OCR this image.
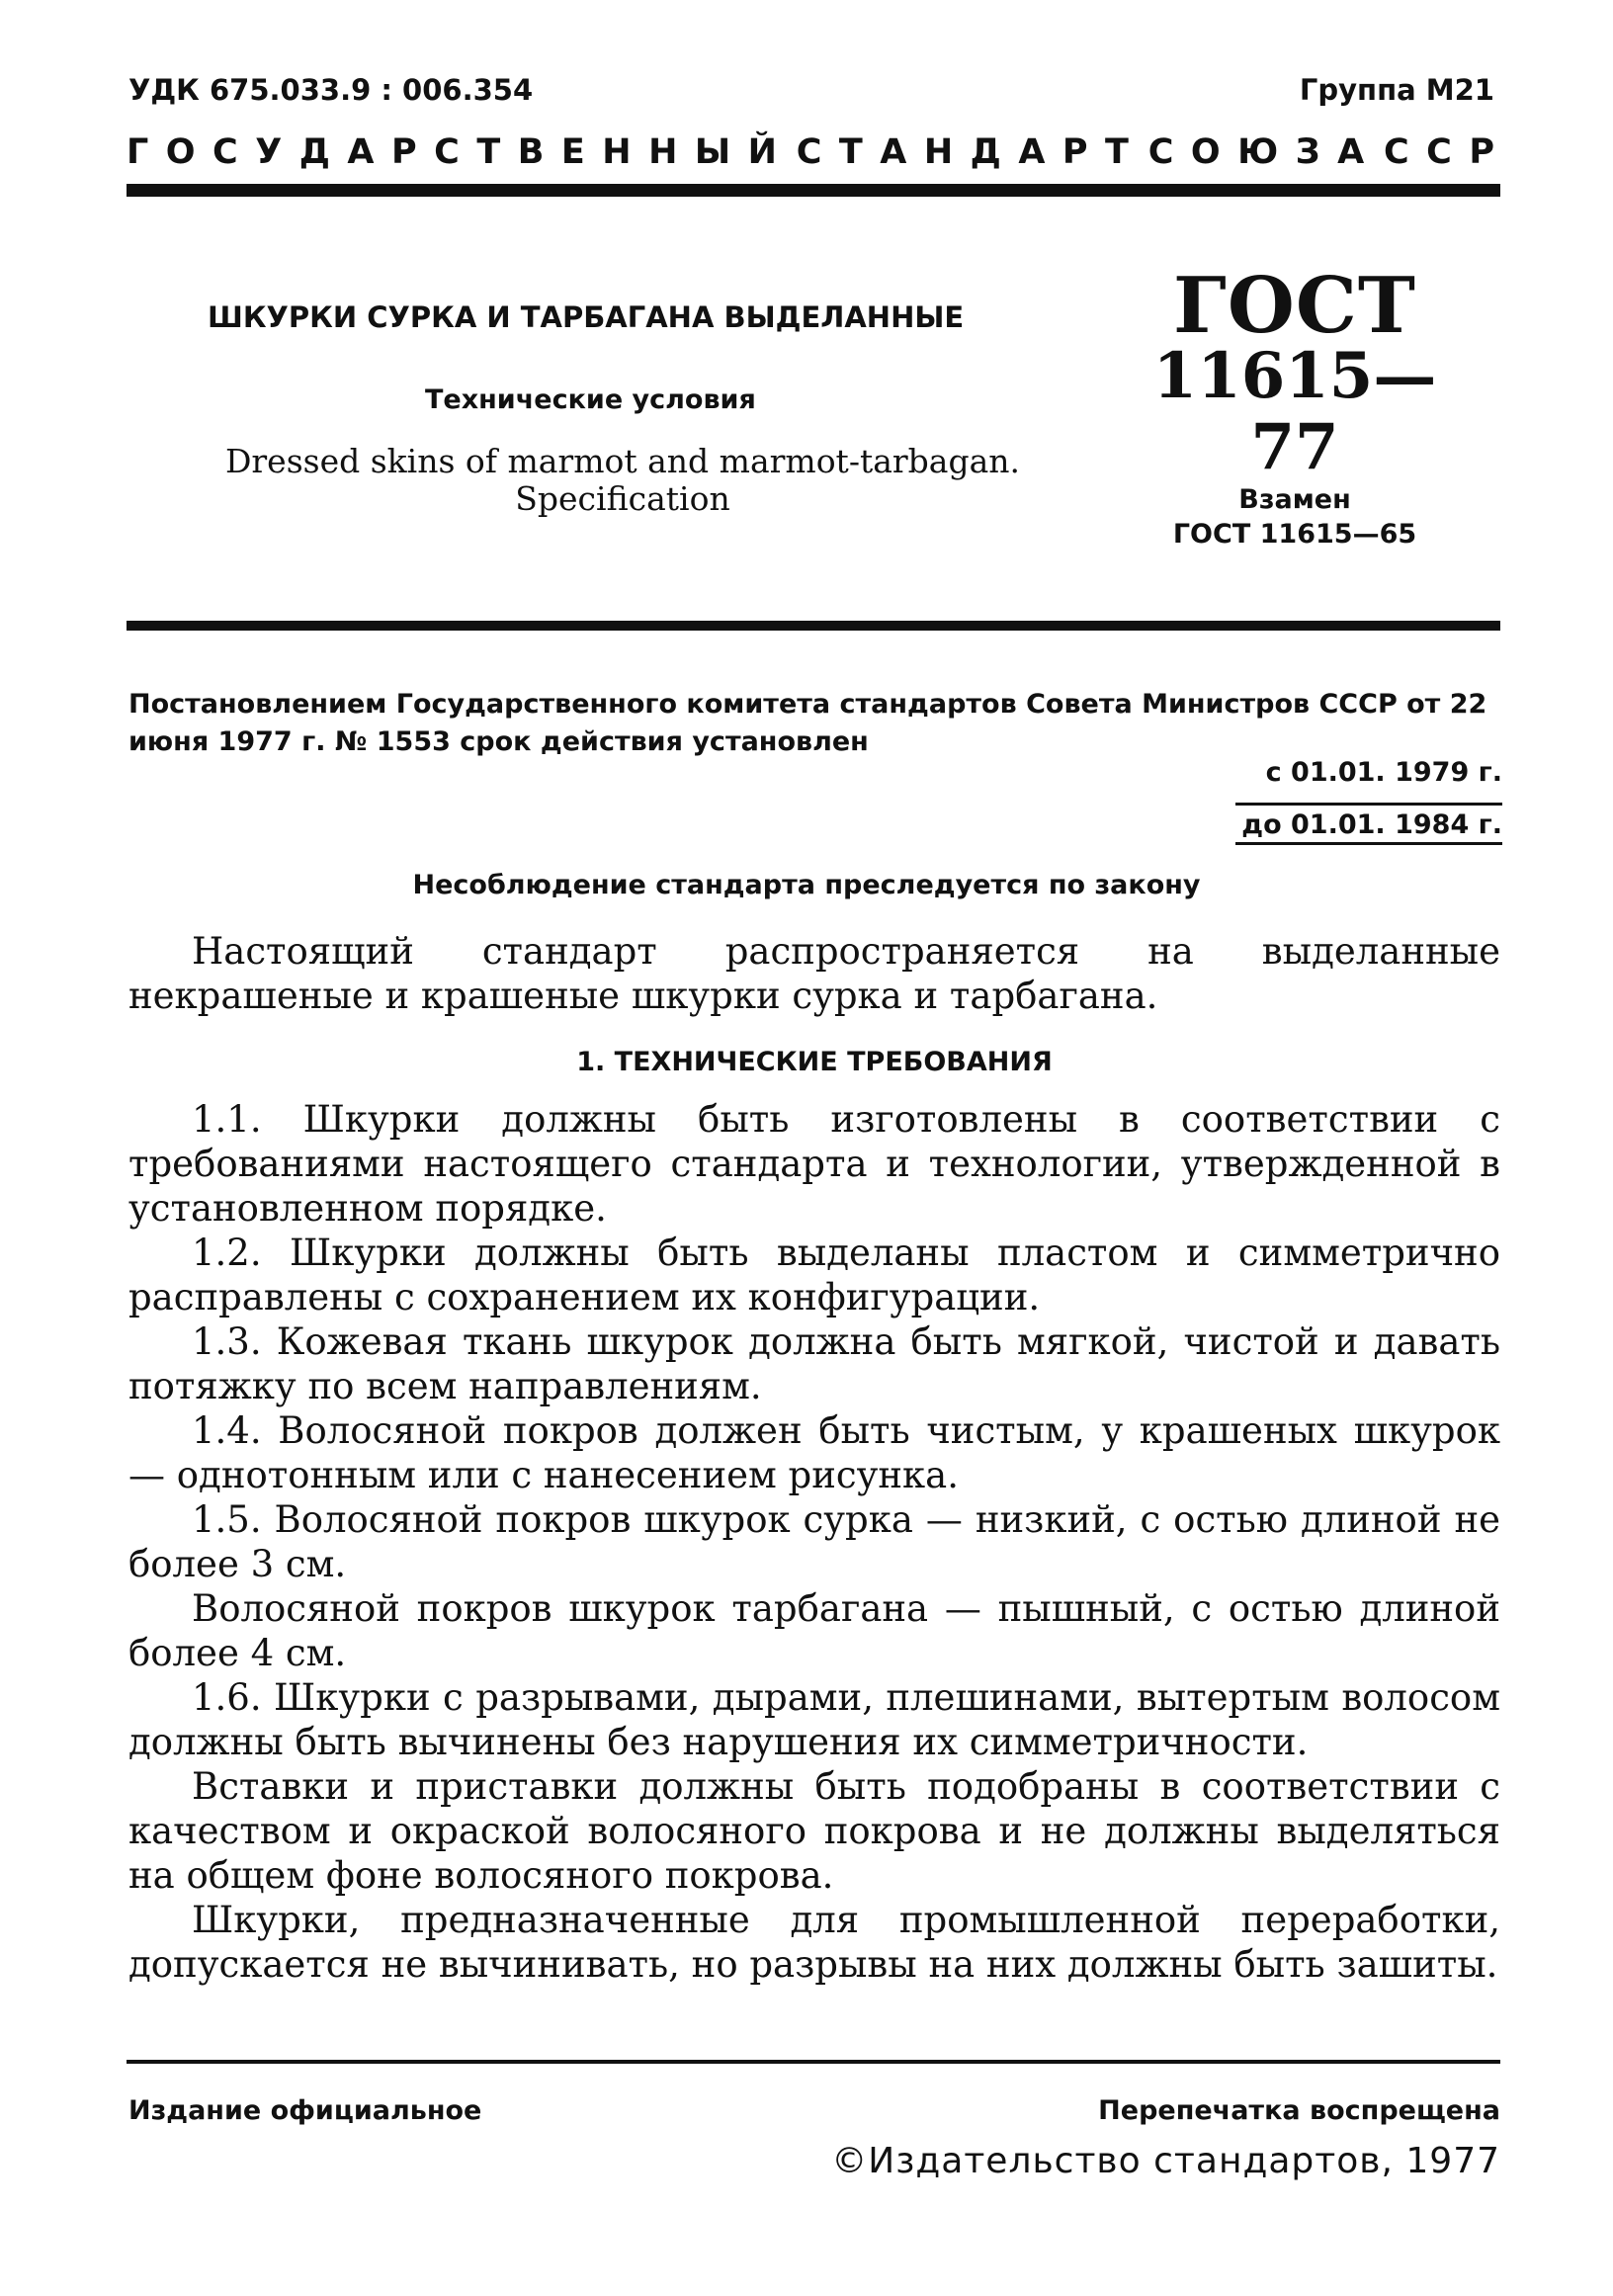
УДК 675.033.9 : 006.354	Группа М21
Г О С У Д А Р С Т В Е Н Н Ы Й С Т А Н Д А Р Т С О Ю З А С С Р
ШКУРКИ СУРКА И ТАРБАГАНА ВЫДЕЛАННЫЕ
Технические условия
Dressed skins of marmot and marmot-tarbagan.
Specification
ГОСТ
11615—77
Взамен
ГОСТ 11615—65
Постановлением Государственного комитета стандартов Совета Министров СССР от 22 июня 1977 г. № 1553 срок действия установлен
с 01.01. 1979 г.
до 01.01. 1984 г.
Несоблюдение стандарта преследуется по закону

Настоящий стандарт распространяется на выделанные некрашеные и крашеные шкурки сурка и тарбагана.

1. ТЕХНИЧЕСКИЕ ТРЕБОВАНИЯ

1.1. Шкурки должны быть изготовлены в соответствии с требованиями настоящего стандарта и технологии, утвержденной в установленном порядке.

1.2. Шкурки должны быть выделаны пластом и симметрично расправлены с сохранением их конфигурации.

1.3. Кожевая ткань шкурок должна быть мягкой, чистой и давать потяжку по всем направлениям.

1.4. Волосяной покров должен быть чистым, у крашеных шкурок — однотонным или с нанесением рисунка.

1.5. Волосяной покров шкурок сурка — низкий, с остью длиной не более 3 см.

Волосяной покров шкурок тарбагана — пышный, с остью длиной более 4 см.

1.6. Шкурки с разрывами, дырами, плешинами, вытертым волосом должны быть вычинены без нарушения их симметричности.

Вставки и приставки должны быть подобраны в соответствии с качеством и окраской волосяного покрова и не должны выделяться на общем фоне волосяного покрова.

Шкурки, предназначенные для промышленной переработки, допускается не вычинивать, но разрывы на них должны быть зашиты.

Издание официальное	Перепечатка воспрещена
©Издательство стандартов, 1977
